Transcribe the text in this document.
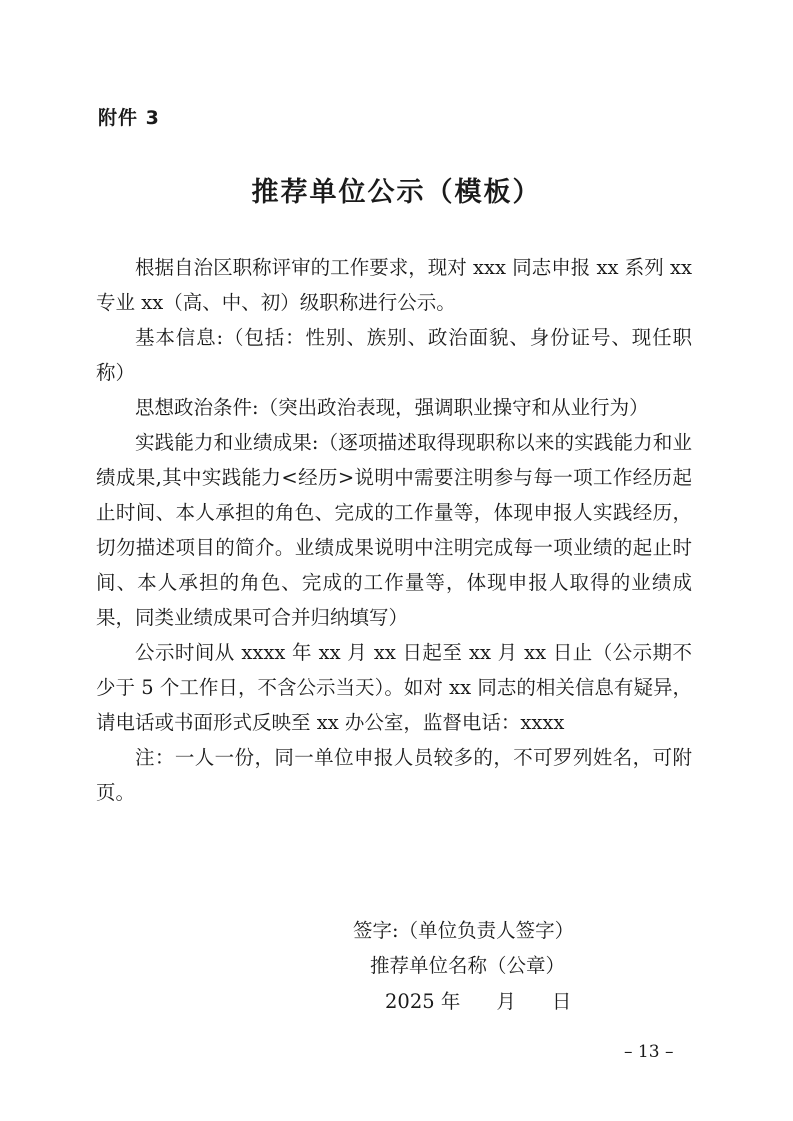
附件 3
推荐单位公示（模板）

根据自治区职称评审的工作要求，现对 xxx 同志申报 xx 系列 xx 专业 xx（高、中、初）级职称进行公示。

基本信息:（包括：性别、族别、政治面貌、身份证号、现任职称）

思想政治条件:（突出政治表现，强调职业操守和从业行为）

实践能力和业绩成果:（逐项描述取得现职称以来的实践能力和业绩成果,其中实践能力<经历>说明中需要注明参与每一项工作经历起止时间、本人承担的角色、完成的工作量等，体现申报人实践经历，切勿描述项目的简介。业绩成果说明中注明完成每一项业绩的起止时间、本人承担的角色、完成的工作量等，体现申报人取得的业绩成果，同类业绩成果可合并归纳填写）

公示时间从 xxxx 年 xx 月 xx 日起至 xx 月 xx 日止（公示期不少于 5 个工作日，不含公示当天）。如对 xx 同志的相关信息有疑异，请电话或书面形式反映至 xx 办公室，监督电话：xxxx

注：一人一份，同一单位申报人员较多的，不可罗列姓名，可附页。

签字:（单位负责人签字）
推荐单位名称（公章）
2025 年 月 日
– 13 –
